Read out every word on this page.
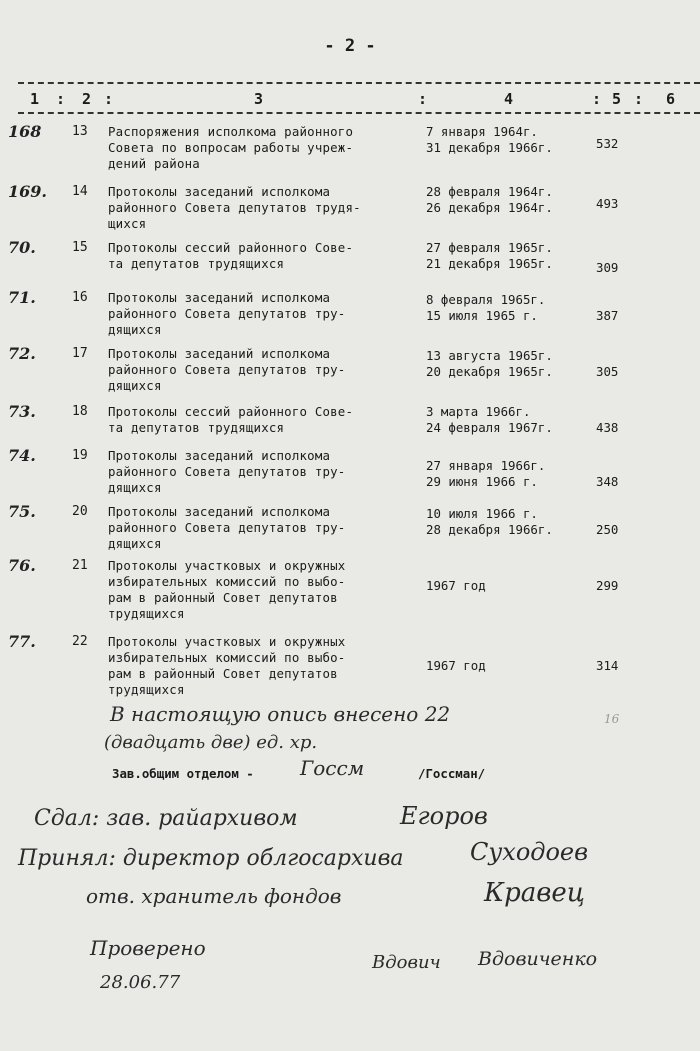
- 2 -
1 : 2 :	3	:	4	: 5 : 6
168 13 Распоряжения исполкома районного
Совета по вопросам работы учреж-
дений района
7 января 1964г.
31 декабря 1966г.	532
169. 14 Протоколы заседаний исполкома
районного Совета депутатов трудя-
щихся
28 февраля 1964г.
26 декабря 1964г.	493
70.	15 Протоколы сессий районного Сове-
та депутатов трудящихся
27 февраля 1965г.
21 декабря 1965г.	309
71.	16 Протоколы заседаний исполкома
районного Совета депутатов тру-
дящихся
8 февраля 1965г.
15 июля 1965 г.	387
72.	17 Протоколы заседаний исполкома
районного Совета депутатов тру-
дящихся
13 августа 1965г.
20 декабря 1965г.	305
73.	18 Протоколы сессий районного Сове-
та депутатов трудящихся
3 марта 1966г.
24 февраля 1967г.	438
74.	19 Протоколы заседаний исполкома
районного Совета депутатов тру-
дящихся
27 января 1966г.
29 июня 1966 г.	348
75.	20 Протоколы заседаний исполкома
районного Совета депутатов тру-
дящихся
10 июля 1966 г.
28 декабря 1966г.	250
76.	21 Протоколы участковых и окружных
избирательных комиссий по выбо-
рам в районный Совет депутатов
трудящихся
1967 год	299
77.	22 Протоколы участковых и окружных
избирательных комиссий по выбо-
рам в районный Совет депутатов
трудящихся
1967 год	314
В настоящую опись внесено 22	16
(двадцать две) ед. хр.
Зав.общим отделом - Госсм	/Госсман/
Сдал: зав. райархивом	Егоров
Принял: директор облгосархива	Суходоев
отв. хранитель фондов	Кравец
Проверено
28.06.77
Вдович Вдовиченко
